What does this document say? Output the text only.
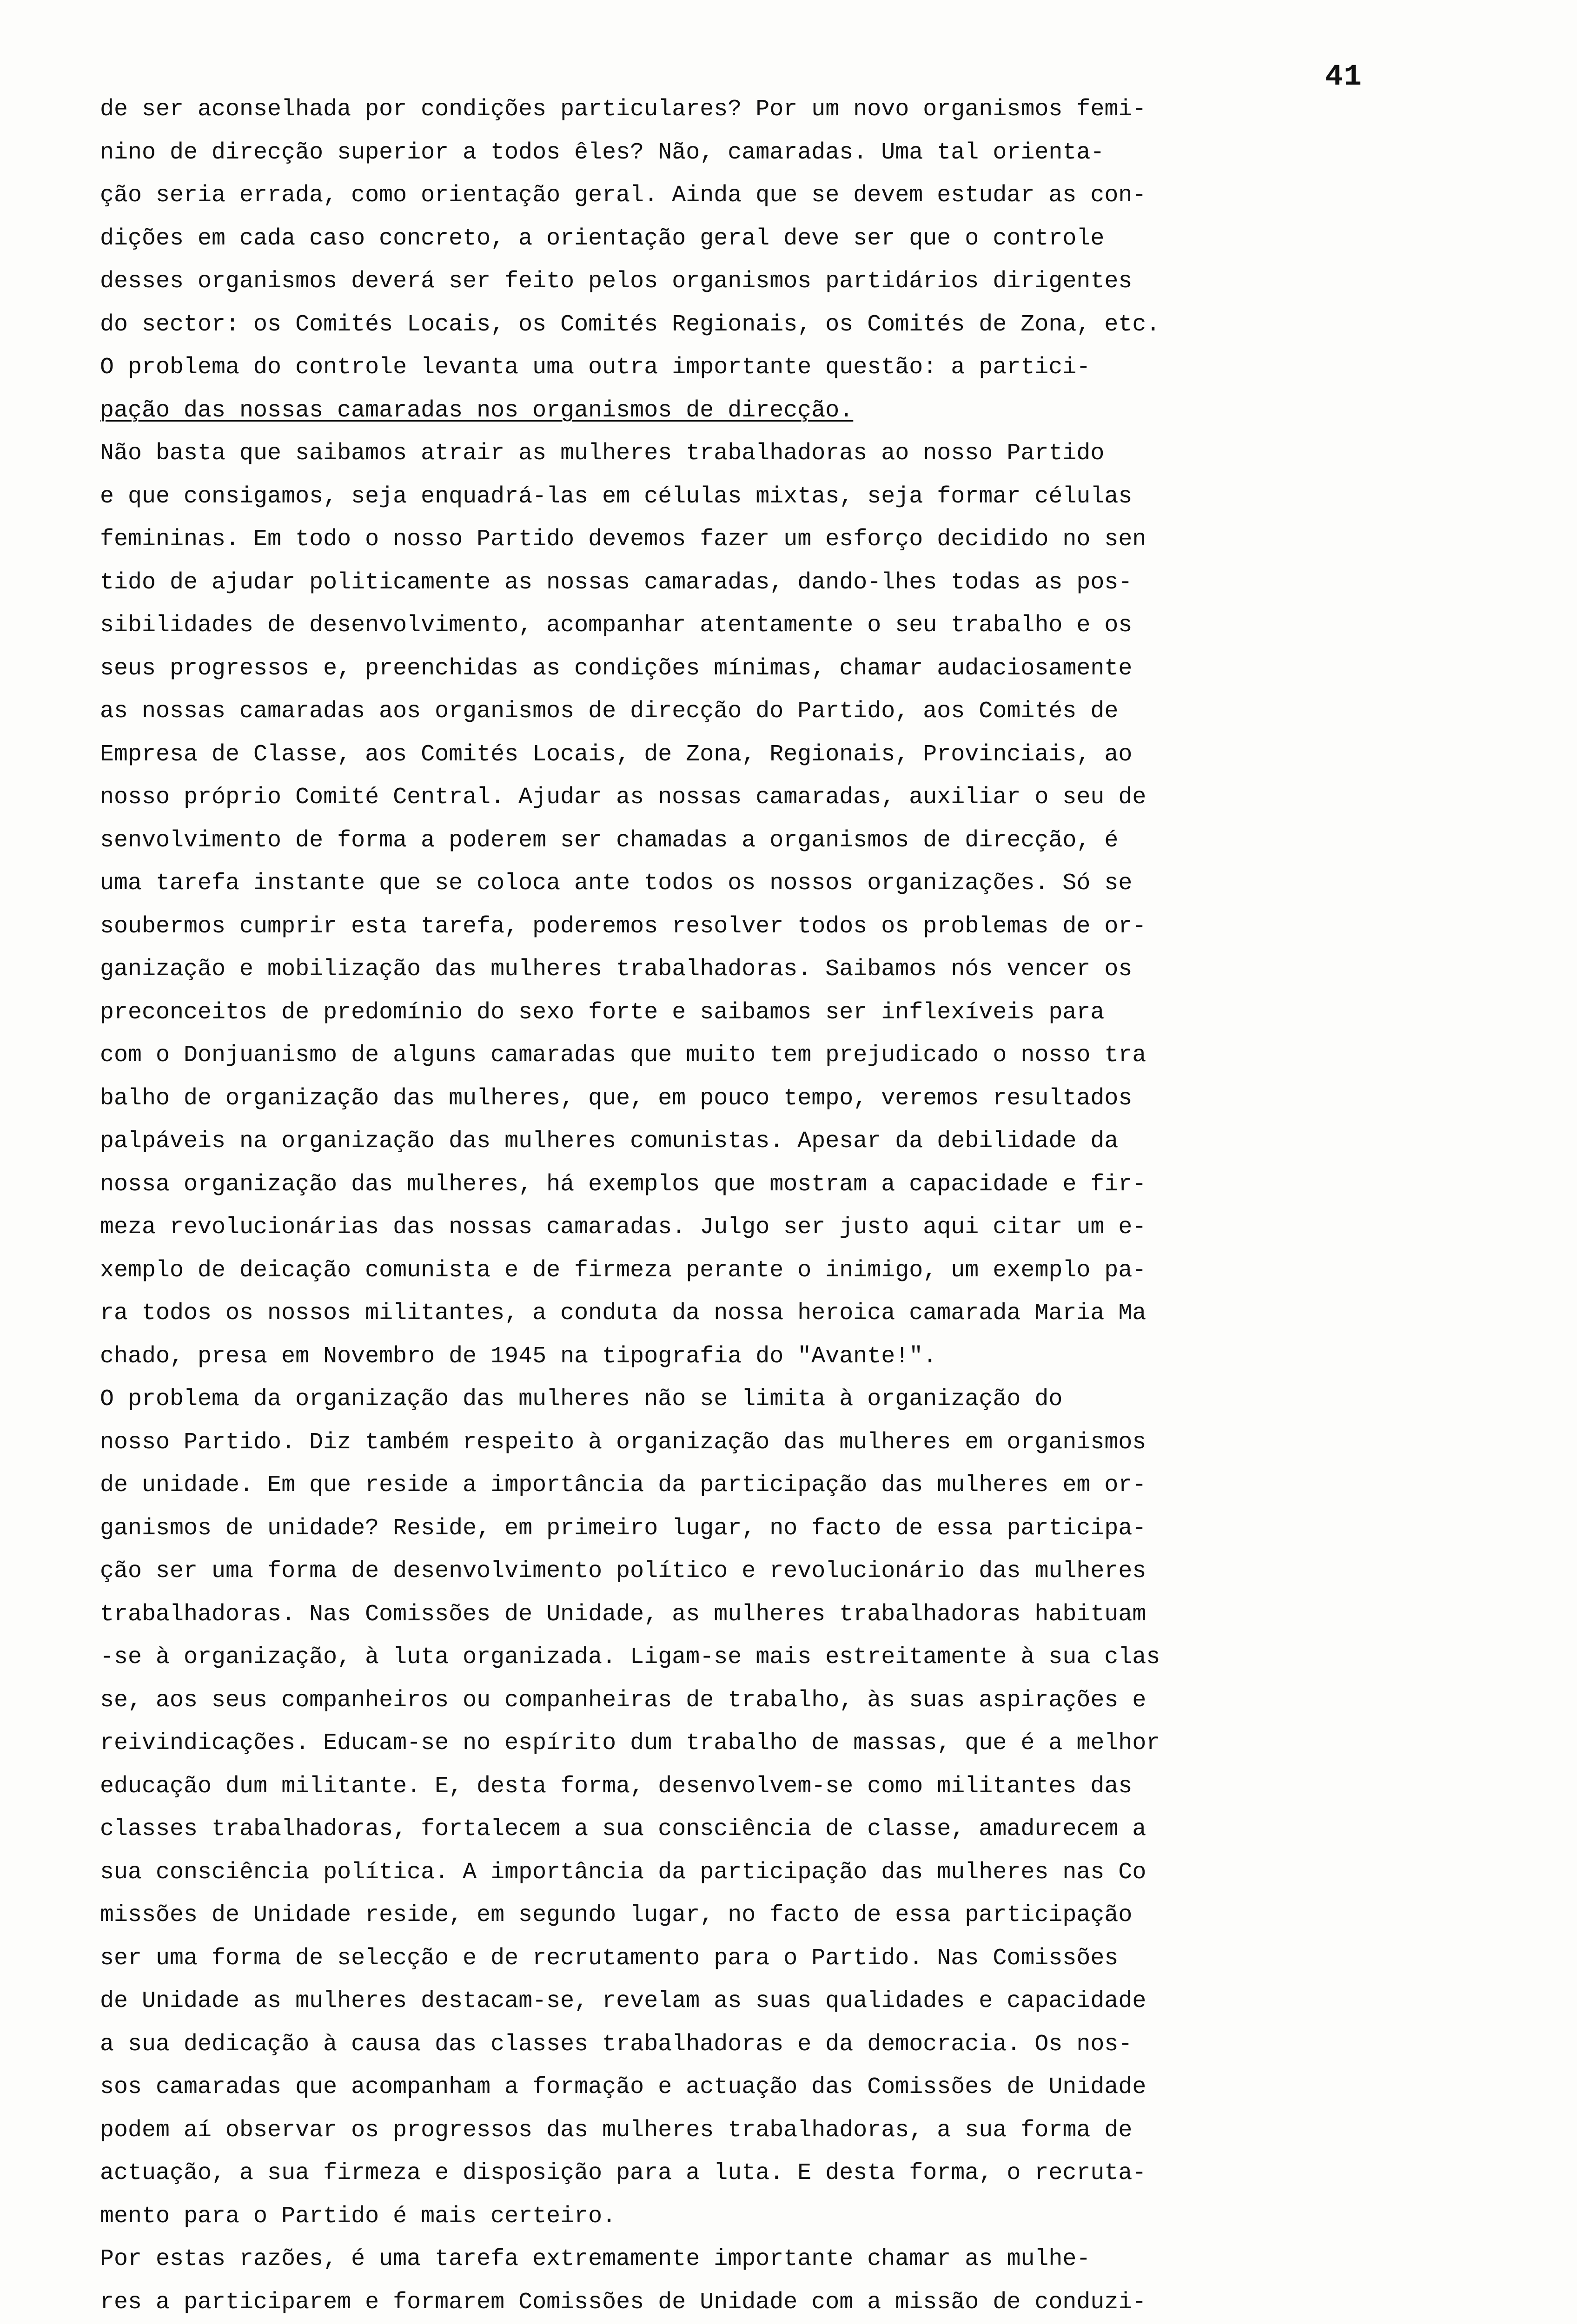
41
de ser aconselhada por condições particulares? Por um novo organismos femi-
nino de direcção superior a todos êles? Não, camaradas. Uma tal orienta-
ção seria errada, como orientação geral. Ainda que se devem estudar as con-
dições em cada caso concreto, a orientação geral deve ser que o controle
desses organismos deverá ser feito pelos organismos partidários dirigentes
do sector: os Comités Locais, os Comités Regionais, os Comités de Zona, etc.
O problema do controle levanta uma outra importante questão: a partici-
pação das nossas camaradas nos organismos de direcção.
Não basta que saibamos atrair as mulheres trabalhadoras ao nosso Partido
e que consigamos, seja enquadrá-las em células mixtas, seja formar células
femininas. Em todo o nosso Partido devemos fazer um esforço decidido no sen
tido de ajudar politicamente as nossas camaradas, dando-lhes todas as pos-
sibilidades de desenvolvimento, acompanhar atentamente o seu trabalho e os
seus progressos e, preenchidas as condições mínimas, chamar audaciosamente
as nossas camaradas aos organismos de direcção do Partido, aos Comités de
Empresa de Classe, aos Comités Locais, de Zona, Regionais, Provinciais, ao
nosso próprio Comité Central. Ajudar as nossas camaradas, auxiliar o seu de
senvolvimento de forma a poderem ser chamadas a organismos de direcção, é
uma tarefa instante que se coloca ante todos os nossos organizações. Só se
soubermos cumprir esta tarefa, poderemos resolver todos os problemas de or-
ganização e mobilização das mulheres trabalhadoras. Saibamos nós vencer os
preconceitos de predomínio do sexo forte e saibamos ser inflexíveis para
com o Donjuanismo de alguns camaradas que muito tem prejudicado o nosso tra
balho de organização das mulheres, que, em pouco tempo, veremos resultados
palpáveis na organização das mulheres comunistas. Apesar da debilidade da
nossa organização das mulheres, há exemplos que mostram a capacidade e fir-
meza revolucionárias das nossas camaradas. Julgo ser justo aqui citar um e-
xemplo de deicação comunista e de firmeza perante o inimigo, um exemplo pa-
ra todos os nossos militantes, a conduta da nossa heroica camarada Maria Ma
chado, presa em Novembro de 1945 na tipografia do "Avante!".
O problema da organização das mulheres não se limita à organização do
nosso Partido. Diz também respeito à organização das mulheres em organismos
de unidade. Em que reside a importância da participação das mulheres em or-
ganismos de unidade? Reside, em primeiro lugar, no facto de essa participa-
ção ser uma forma de desenvolvimento político e revolucionário das mulheres
trabalhadoras. Nas Comissões de Unidade, as mulheres trabalhadoras habituam
-se à organização, à luta organizada. Ligam-se mais estreitamente à sua clas
se, aos seus companheiros ou companheiras de trabalho, às suas aspirações e
reivindicações. Educam-se no espírito dum trabalho de massas, que é a melhor
educação dum militante. E, desta forma, desenvolvem-se como militantes das
classes trabalhadoras, fortalecem a sua consciência de classe, amadurecem a
sua consciência política. A importância da participação das mulheres nas Co
missões de Unidade reside, em segundo lugar, no facto de essa participação
ser uma forma de selecção e de recrutamento para o Partido. Nas Comissões
de Unidade as mulheres destacam-se, revelam as suas qualidades e capacidade
a sua dedicação à causa das classes trabalhadoras e da democracia. Os nos-
sos camaradas que acompanham a formação e actuação das Comissões de Unidade
podem aí observar os progressos das mulheres trabalhadoras, a sua forma de
actuação, a sua firmeza e disposição para a luta. E desta forma, o recruta-
mento para o Partido é mais certeiro.
Por estas razões, é uma tarefa extremamente importante chamar as mulhe-
res a participarem e formarem Comissões de Unidade com a missão de conduzi-
